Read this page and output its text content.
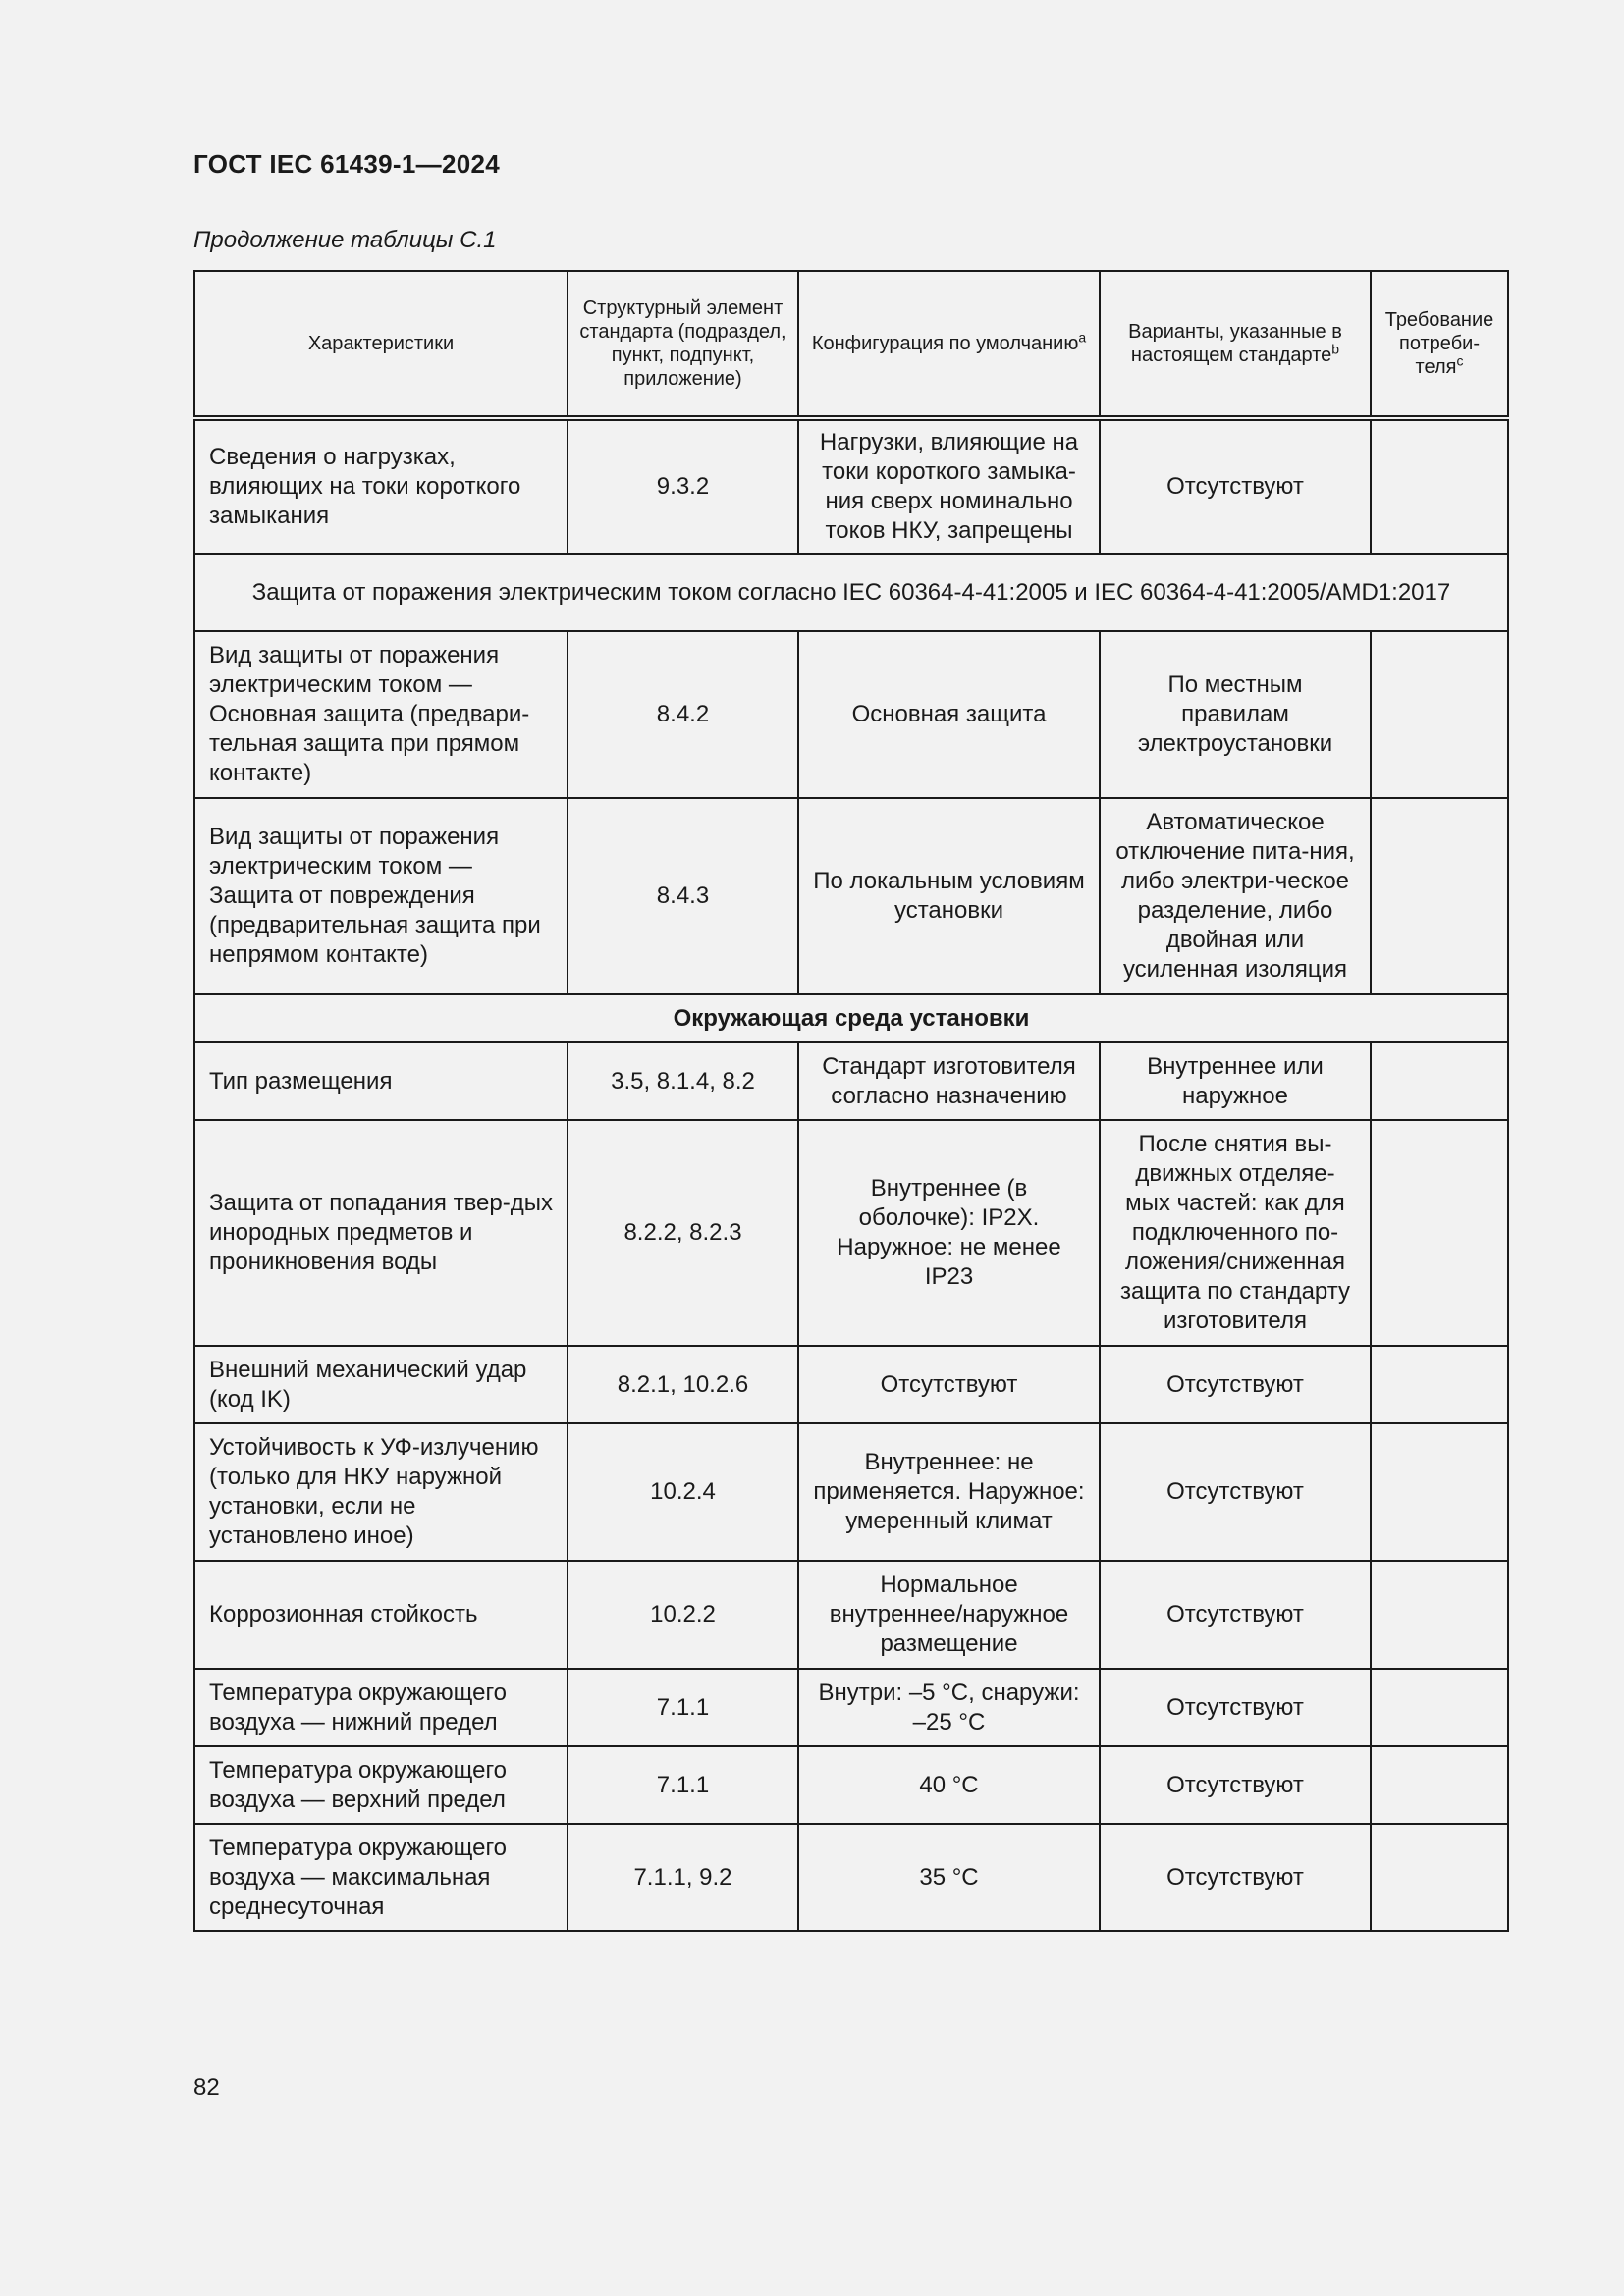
ГОСТ IEC 61439-1—2024
Продолжение таблицы С.1
Характеристики	Структурный элемент стандарта (подраздел, пункт, подпункт, приложение)	Конфигурация по умолчанию$^a$	Варианты, указанные в настоящем стандарте$^b$	Требование потреби-теля$^c$
Сведения о нагрузках, влияющих на токи короткого замыкания	9.3.2	Нагрузки, влияющие на токи короткого замыка-ния сверх номинально токов НКУ, запрещены	Отсутствуют	
Защита от поражения электрическим током согласно IEC 60364-4-41:2005 и IEC 60364-4-41:2005/AMD1:2017				
Вид защиты от поражения электрическим током — Основная защита (предвари-тельная защита при прямом контакте)	8.4.2	Основная защита	По местным правилам электроустановки	
Вид защиты от поражения электрическим током — Защита от повреждения (предварительная защита при непрямом контакте)	8.4.3	По локальным условиям установки	Автоматическое отключение пита-ния, либо электри-ческое разделение, либо двойная или усиленная изоляция	
Окружающая среда установки				
Тип размещения	3.5, 8.1.4, 8.2	Стандарт изготовителя согласно назначению	Внутреннее или наружное	
Защита от попадания твер-дых инородных предметов и проникновения воды	8.2.2, 8.2.3	Внутреннее (в оболочке): IP2X. Наружное: не менее IP23	После снятия вы-движных отделяе-мых частей: как для подключенного по-ложения/сниженная защита по стандарту изготовителя	
Внешний механический удар (код IK)	8.2.1, 10.2.6	Отсутствуют	Отсутствуют	
Устойчивость к УФ-излучению (только для НКУ наружной установки, если не установлено иное)	10.2.4	Внутреннее: не применяется. Наружное: умеренный климат	Отсутствуют	
Коррозионная стойкость	10.2.2	Нормальное внутреннее/наружное размещение	Отсутствуют	
Температура окружающего воздуха — нижний предел	7.1.1	Внутри: –5 °С, снаружи: –25 °С	Отсутствуют	
Температура окружающего воздуха — верхний предел	7.1.1	40 °С	Отсутствуют	
Температура окружающего воздуха — максимальная среднесуточная	7.1.1, 9.2	35 °С	Отсутствуют	
82
